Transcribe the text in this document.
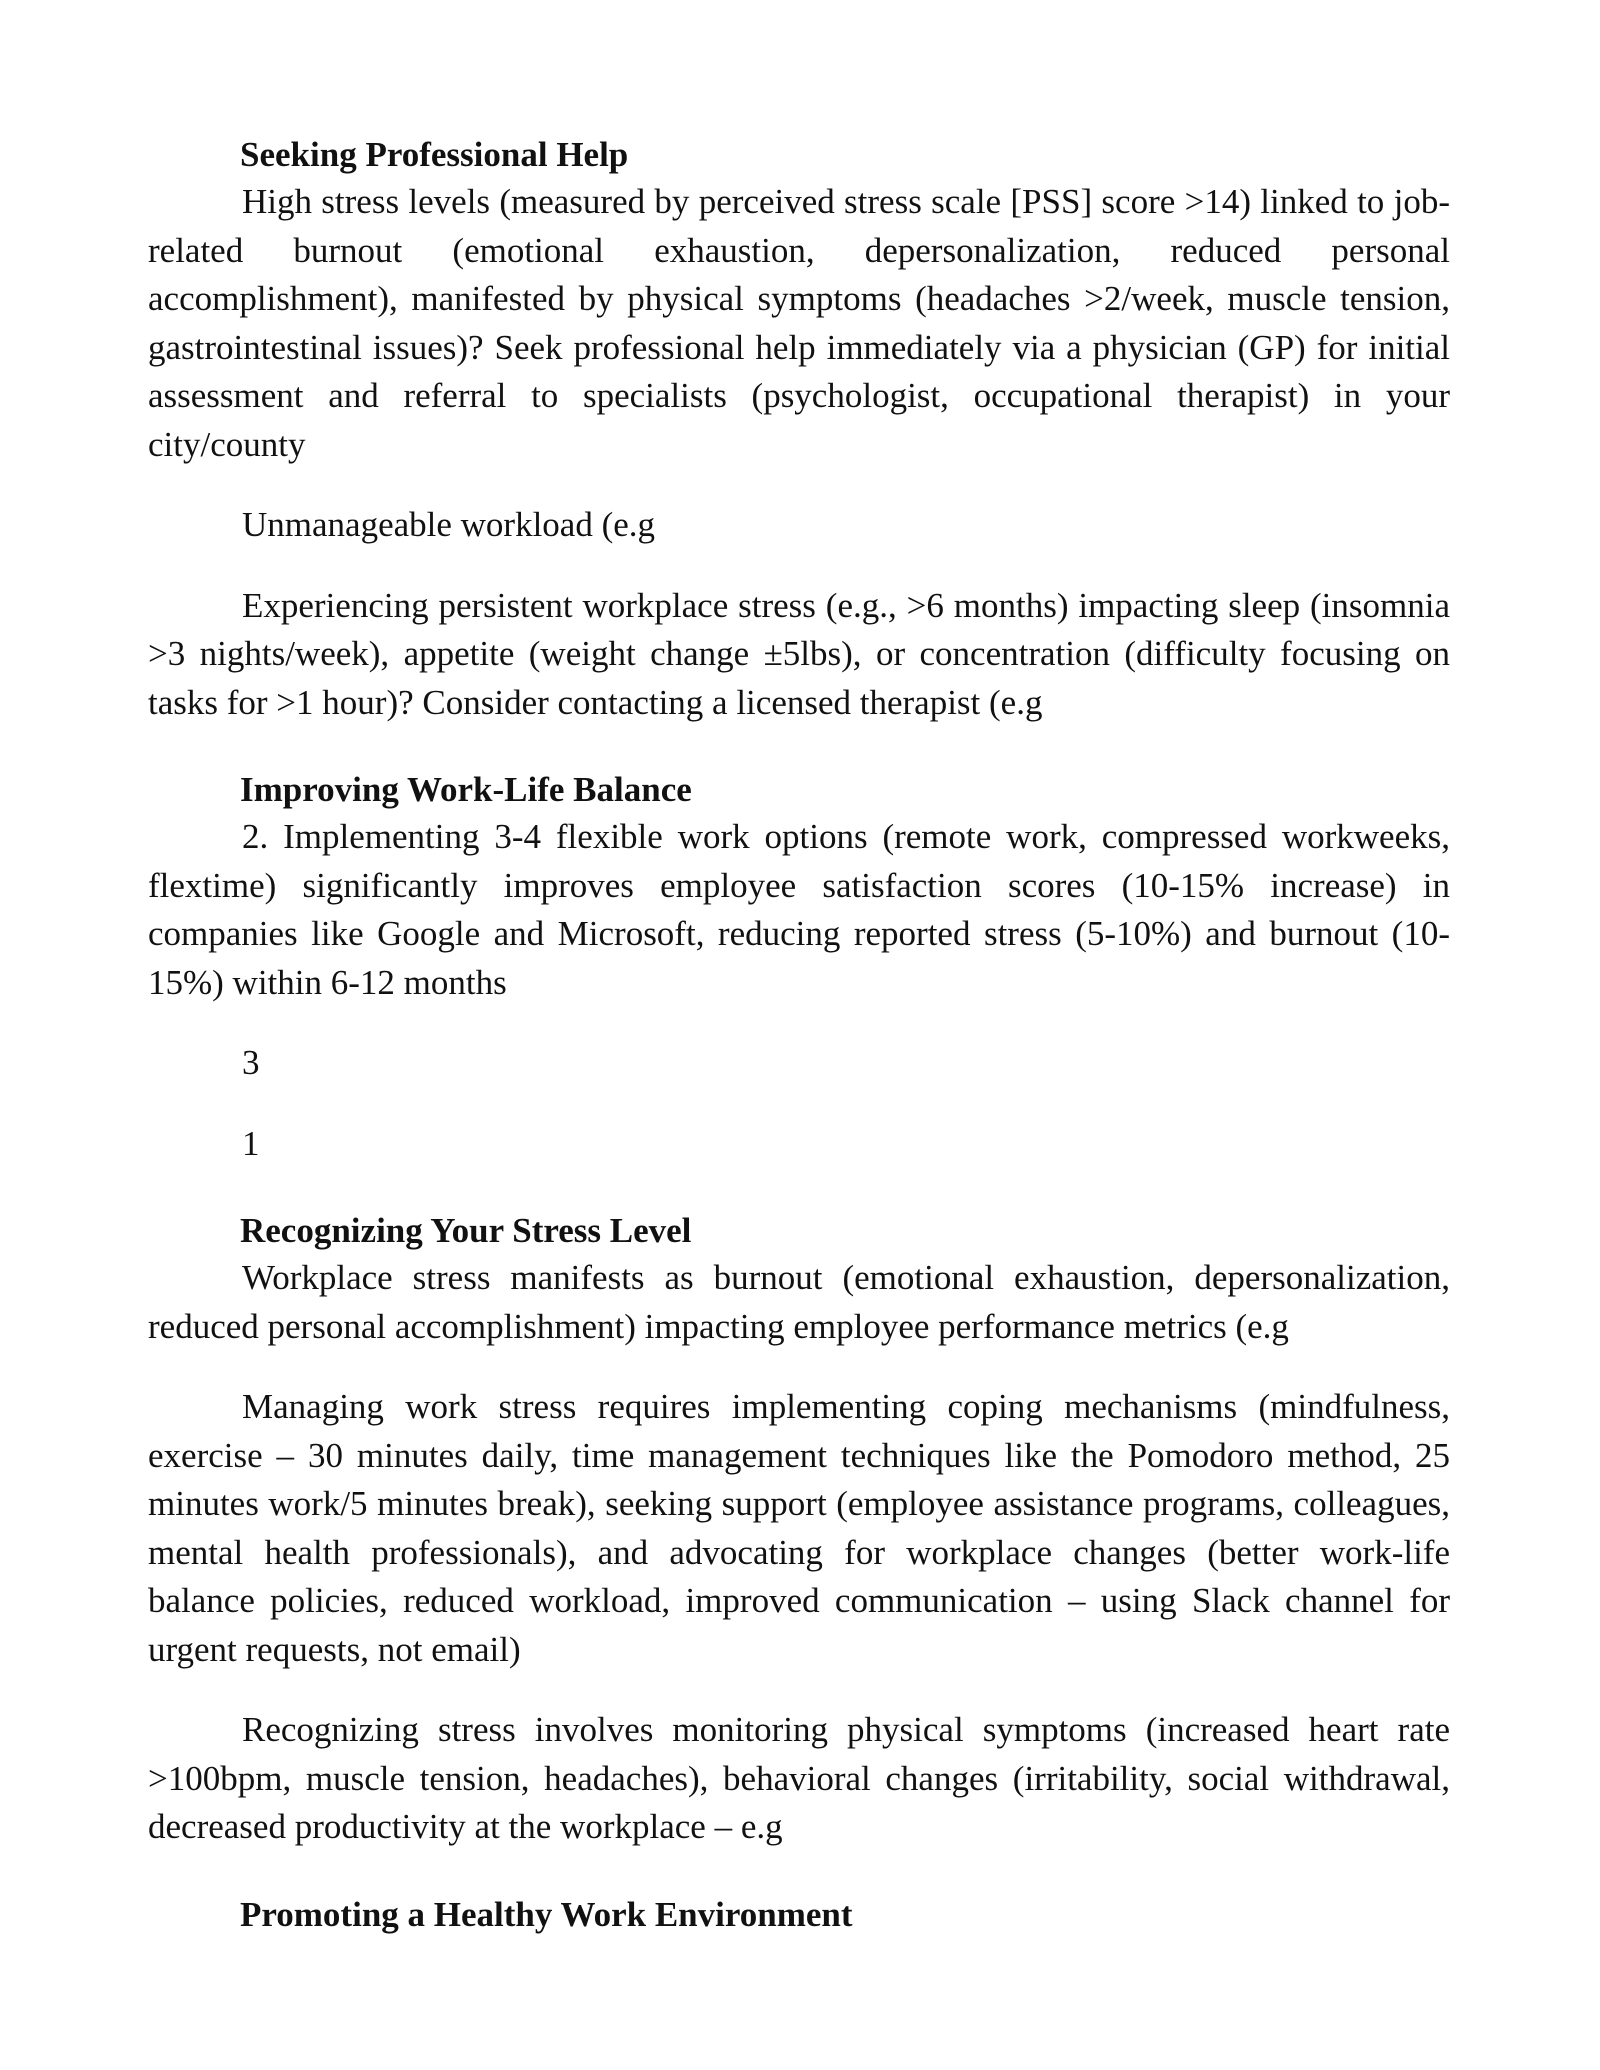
Seeking Professional Help

High stress levels (measured by perceived stress scale [PSS] score >14) linked to job-related burnout (emotional exhaustion, depersonalization, reduced personal accomplishment), manifested by physical symptoms (headaches >2/week, muscle tension, gastrointestinal issues)? Seek professional help immediately via a physician (GP) for initial assessment and referral to specialists (psychologist, occupational therapist) in your city/county

Unmanageable workload (e.g

Experiencing persistent workplace stress (e.g., >6 months) impacting sleep (insomnia >3 nights/week), appetite (weight change ±5lbs), or concentration (difficulty focusing on tasks for >1 hour)? Consider contacting a licensed therapist (e.g

Improving Work-Life Balance

2. Implementing 3-4 flexible work options (remote work, compressed workweeks, flextime) significantly improves employee satisfaction scores (10-15% increase) in companies like Google and Microsoft, reducing reported stress (5-10%) and burnout (10-15%) within 6-12 months

3

1

Recognizing Your Stress Level

Workplace stress manifests as burnout (emotional exhaustion, depersonalization, reduced personal accomplishment) impacting employee performance metrics (e.g

Managing work stress requires implementing coping mechanisms (mindfulness, exercise – 30 minutes daily, time management techniques like the Pomodoro method, 25 minutes work/5 minutes break), seeking support (employee assistance programs, colleagues, mental health professionals), and advocating for workplace changes (better work-life balance policies, reduced workload, improved communication – using Slack channel for urgent requests, not email)

Recognizing stress involves monitoring physical symptoms (increased heart rate >100bpm, muscle tension, headaches), behavioral changes (irritability, social withdrawal, decreased productivity at the workplace – e.g

Promoting a Healthy Work Environment
